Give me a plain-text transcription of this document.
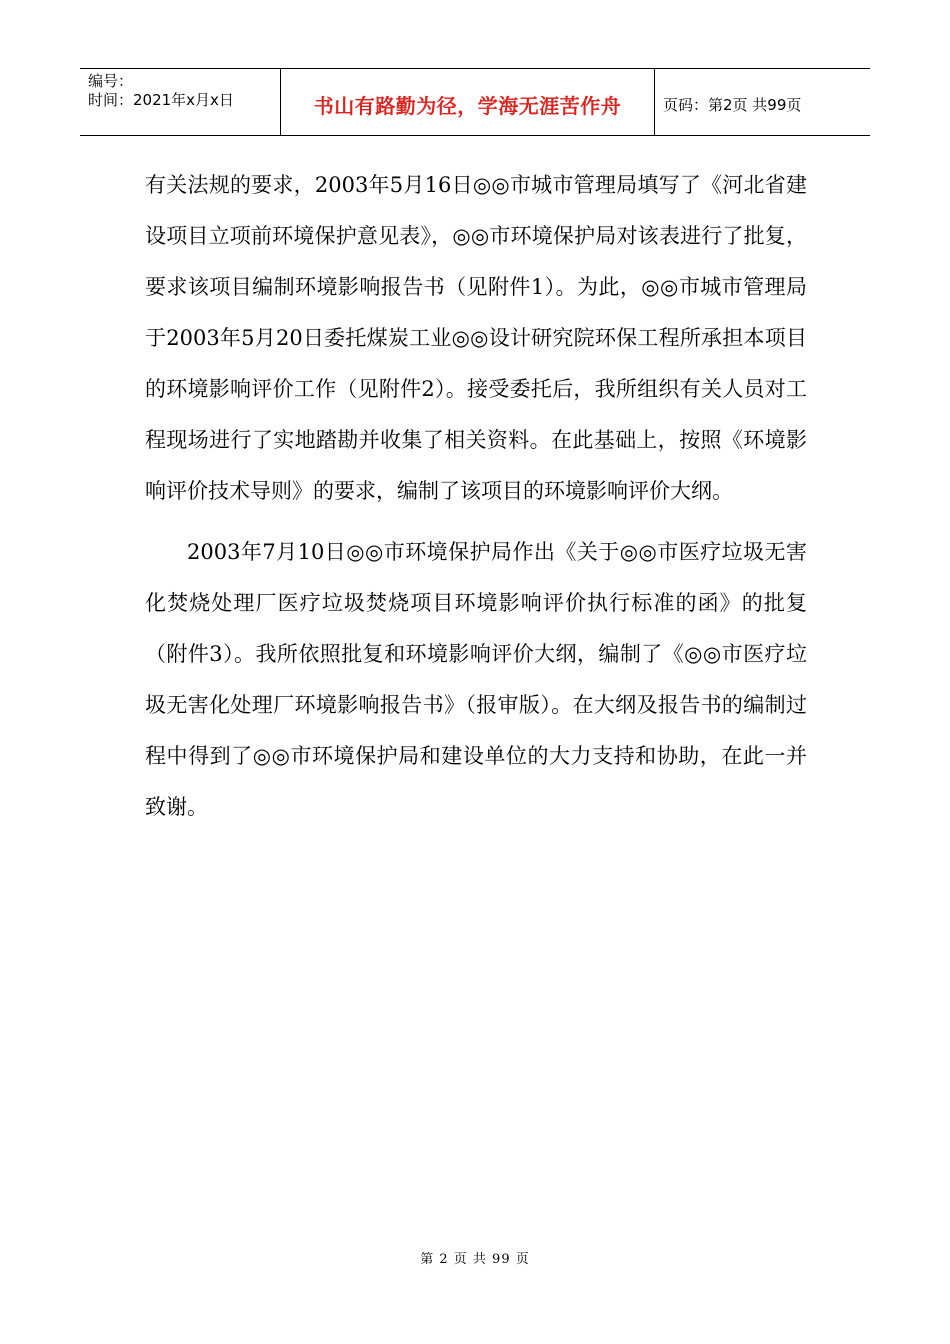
编号：
时间：2021年x月x日	书山有路勤为径，学海无涯苦作舟	页码：第2页 共99页

有关法规的要求，2003年5月16日◎◎市城市管理局填写了《河北省建设项目立项前环境保护意见表》，◎◎市环境保护局对该表进行了批复，要求该项目编制环境影响报告书（见附件1）。为此，◎◎市城市管理局于2003年5月20日委托煤炭工业◎◎设计研究院环保工程所承担本项目的环境影响评价工作（见附件2）。接受委托后，我所组织有关人员对工程现场进行了实地踏勘并收集了相关资料。在此基础上，按照《环境影响评价技术导则》的要求，编制了该项目的环境影响评价大纲。

2003年7月10日◎◎市环境保护局作出《关于◎◎市医疗垃圾无害化焚烧处理厂医疗垃圾焚烧项目环境影响评价执行标准的函》的批复（附件3）。我所依照批复和环境影响评价大纲，编制了《◎◎市医疗垃圾无害化处理厂环境影响报告书》（报审版）。在大纲及报告书的编制过程中得到了◎◎市环境保护局和建设单位的大力支持和协助，在此一并致谢。

第 2 页 共 99 页
